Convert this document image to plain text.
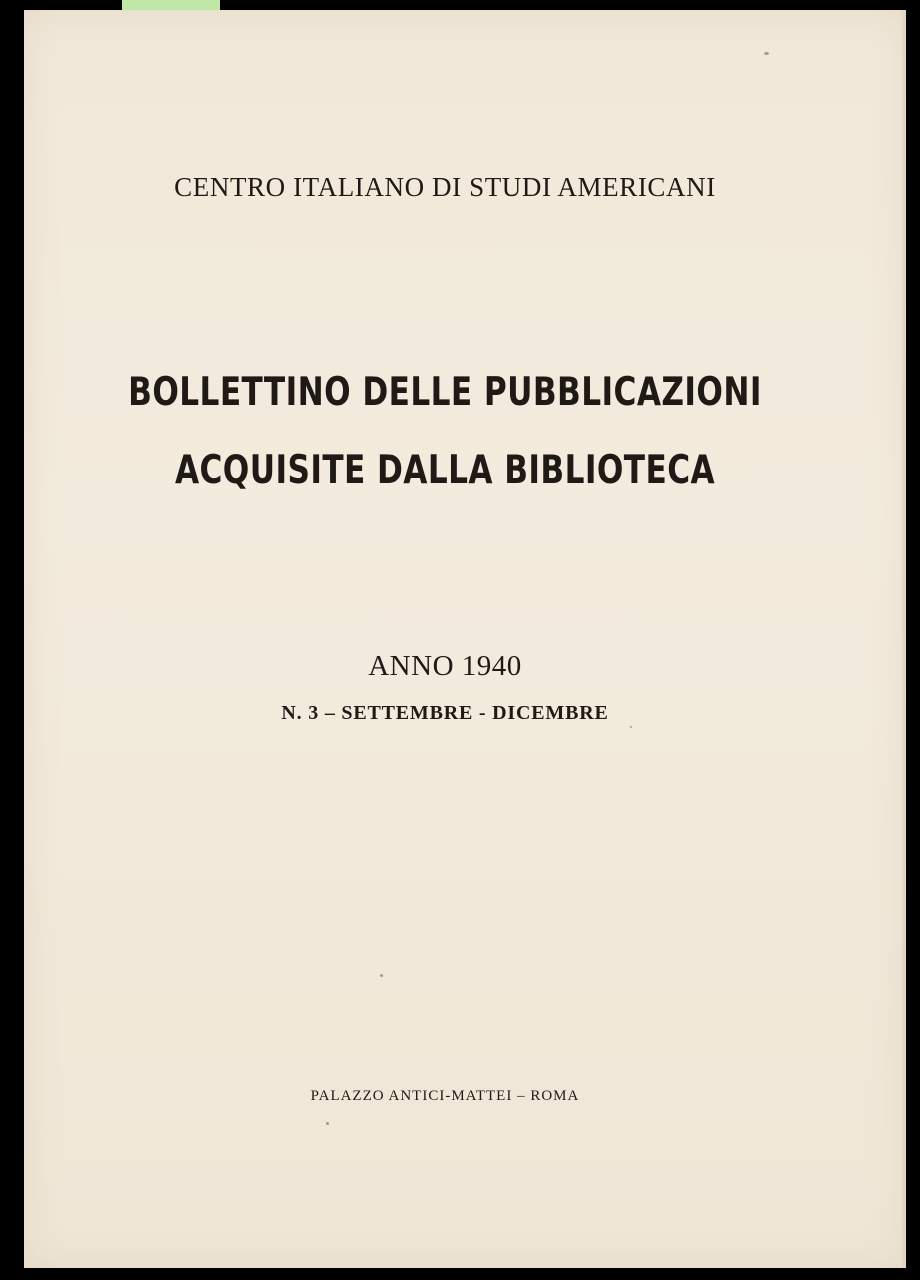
CENTRO ITALIANO DI STUDI AMERICANI
BOLLETTINO DELLE PUBBLICAZIONI
ACQUISITE DALLA BIBLIOTECA
ANNO 1940
N. 3 – SETTEMBRE - DICEMBRE
PALAZZO ANTICI-MATTEI – ROMA
